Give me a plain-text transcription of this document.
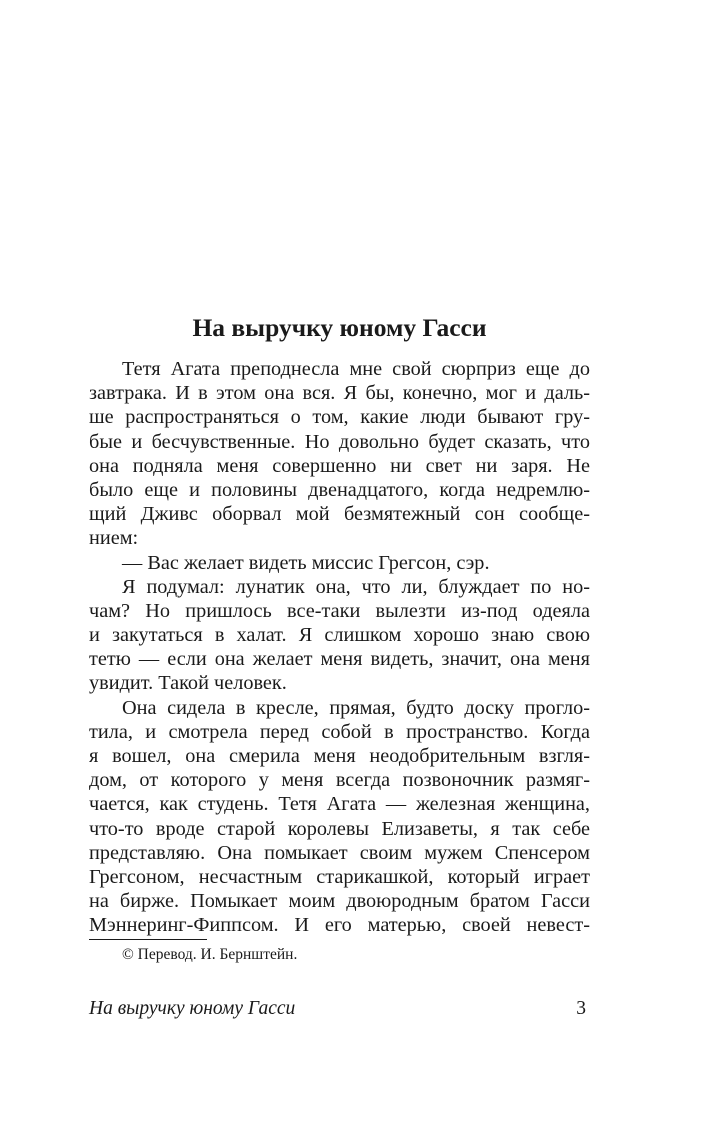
На выручку юному Гасси
Тетя Агата преподнесла мне свой сюрприз еще до
завтрака. И в этом она вся. Я бы, конечно, мог и даль-
ше распространяться о том, какие люди бывают гру-
бые и бесчувственные. Но довольно будет сказать, что
она подняла меня совершенно ни свет ни заря. Не
было еще и половины двенадцатого, когда недремлю-
щий Дживс оборвал мой безмятежный сон сообще-
нием:
— Вас желает видеть миссис Грегсон, сэр.
Я подумал: лунатик она, что ли, блуждает по но-
чам? Но пришлось все-таки вылезти из-под одеяла
и закутаться в халат. Я слишком хорошо знаю свою
тетю — если она желает меня видеть, значит, она меня
увидит. Такой человек.
Она сидела в кресле, прямая, будто доску прогло-
тила, и смотрела перед собой в пространство. Когда
я вошел, она смерила меня неодобрительным взгля-
дом, от которого у меня всегда позвоночник размяг-
чается, как студень. Тетя Агата — железная женщина,
что-то вроде старой королевы Елизаветы, я так себе
представляю. Она помыкает своим мужем Спенсером
Грегсоном, несчастным старикашкой, который играет
на бирже. Помыкает моим двоюродным братом Гасси
Мэннеринг-Фиппсом. И его матерью, своей невест-
© Перевод. И. Бернштейн.
На выручку юному Гасси	3
